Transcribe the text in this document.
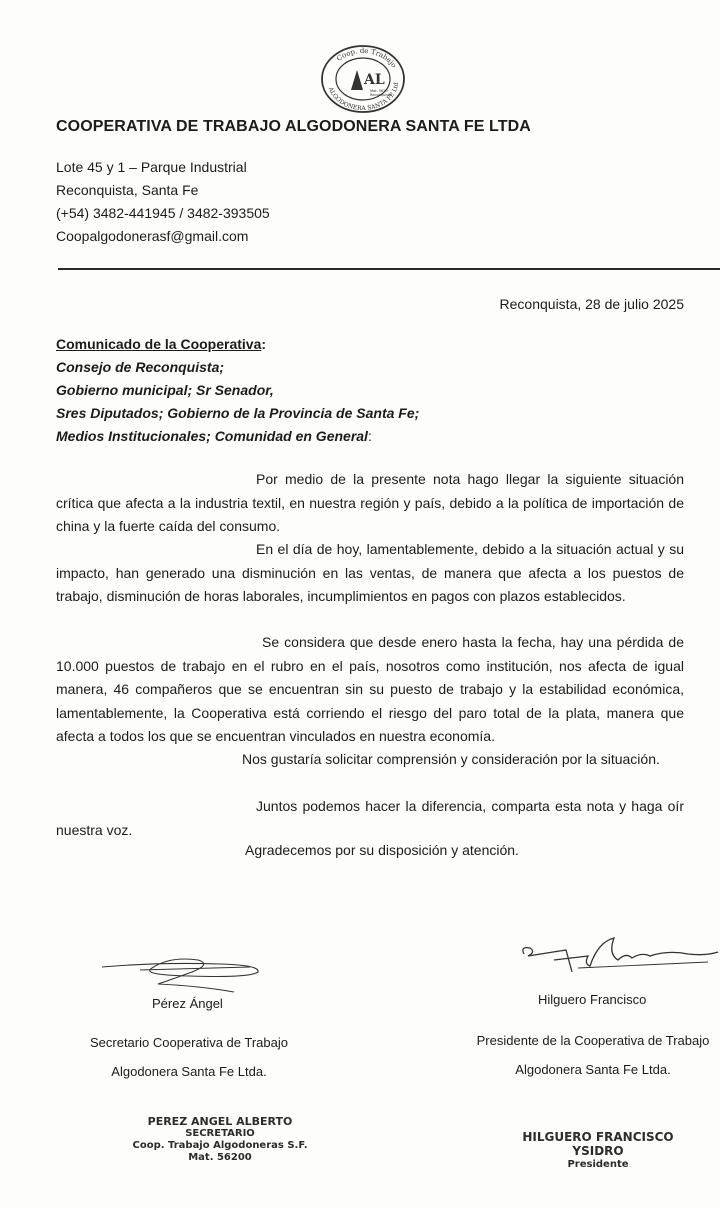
Coop. de Trabajo
ALGODONERA SANTA FE Ltd
AL
Mat. 5620
Reconquista
COOPERATIVA DE TRABAJO ALGODONERA SANTA FE LTDA
Lote 45 y 1 – Parque Industrial
Reconquista, Santa Fe
(+54) 3482-441945 / 3482-393505
Coopalgodonerasf@gmail.com
Reconquista, 28 de julio 2025
Comunicado de la Cooperativa:
Consejo de Reconquista;
Gobierno municipal; Sr Senador,
Sres Diputados; Gobierno de la Provincia de Santa Fe;
Medios Institucionales; Comunidad en General:
Por medio de la presente nota hago llegar la siguiente situación crítica que afecta a la industria textil, en nuestra región y país, debido a la política de importación de china y la fuerte caída del consumo.
En el día de hoy, lamentablemente, debido a la situación actual y su impacto, han generado una disminución en las ventas, de manera que afecta a los puestos de trabajo, disminución de horas laborales, incumplimientos en pagos con plazos establecidos.
Se considera que desde enero hasta la fecha, hay una pérdida de 10.000 puestos de trabajo en el rubro en el país, nosotros como institución, nos afecta de igual manera, 46 compañeros que se encuentran sin su puesto de trabajo y la estabilidad económica, lamentablemente, la Cooperativa está corriendo el riesgo del paro total de la plata, manera que afecta a todos los que se encuentran vinculados en nuestra economía.
Nos gustaría solicitar comprensión y consideración por la situación.
Juntos podemos hacer la diferencia, comparta esta nota y haga oír nuestra voz.
Agradecemos por su disposición y atención.
Pérez Ángel
Secretario Cooperativa de Trabajo
Algodonera Santa Fe Ltda.
PEREZ ANGEL ALBERTO
SECRETARIO
Coop. Trabajo Algodoneras S.F.
Mat. 56200
Hilguero Francisco
Presidente de la Cooperativa de Trabajo
Algodonera Santa Fe Ltda.
HILGUERO FRANCISCO
YSIDRO
Presidente
